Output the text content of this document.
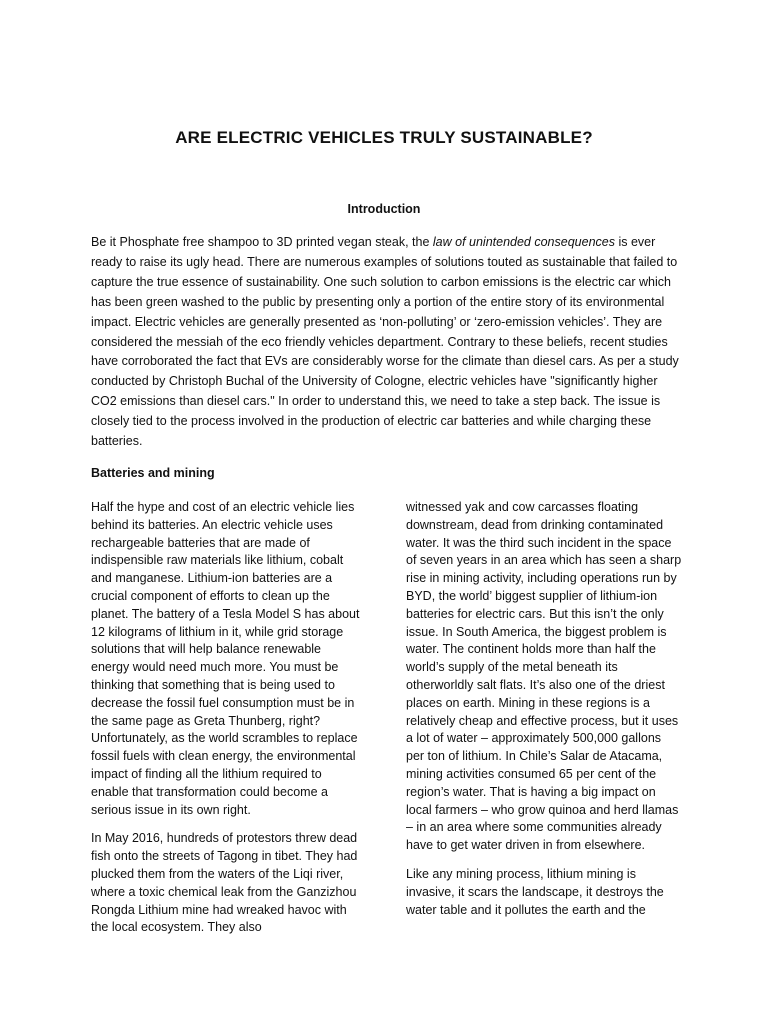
ARE ELECTRIC VEHICLES TRULY SUSTAINABLE?
Introduction

Be it Phosphate free shampoo to 3D printed vegan steak, the law of unintended consequences is ever ready to raise its ugly head. There are numerous examples of solutions touted as sustainable that failed to capture the true essence of sustainability. One such solution to carbon emissions is the electric car which has been green washed to the public by presenting only a portion of the entire story of its environmental impact. Electric vehicles are generally presented as ‘non-polluting’ or ‘zero-emission vehicles’. They are considered the messiah of the eco friendly vehicles department. Contrary to these beliefs, recent studies have corroborated the fact that EVs are considerably worse for the climate than diesel cars. As per a study conducted by Christoph Buchal of the University of Cologne, electric vehicles have "significantly higher CO2 emissions than diesel cars." In order to understand this, we need to take a step back. The issue is closely tied to the process involved in the production of electric car batteries and while charging these batteries.

Batteries and mining

Half the hype and cost of an electric vehicle lies behind its batteries. An electric vehicle uses rechargeable batteries that are made of indispensible raw materials like lithium, cobalt and manganese. Lithium-ion batteries are a crucial component of efforts to clean up the planet. The battery of a Tesla Model S has about 12 kilograms of lithium in it, while grid storage solutions that will help balance renewable energy would need much more. You must be thinking that something that is being used to decrease the fossil fuel consumption must be in the same page as Greta Thunberg, right? Unfortunately, as the world scrambles to replace fossil fuels with clean energy, the environmental impact of finding all the lithium required to enable that transformation could become a serious issue in its own right.

In May 2016, hundreds of protestors threw dead fish onto the streets of Tagong in tibet. They had plucked them from the waters of the Liqi river, where a toxic chemical leak from the Ganzizhou Rongda Lithium mine had wreaked havoc with the local ecosystem. They also

witnessed yak and cow carcasses floating downstream, dead from drinking contaminated water. It was the third such incident in the space of seven years in an area which has seen a sharp rise in mining activity, including operations run by BYD, the world’ biggest supplier of lithium-ion batteries for electric cars. But this isn’t the only issue. In South America, the biggest problem is water. The continent holds more than half the world’s supply of the metal beneath its otherworldly salt flats. It’s also one of the driest places on earth. Mining in these regions is a relatively cheap and effective process, but it uses a lot of water – approximately 500,000 gallons per ton of lithium. In Chile’s Salar de Atacama, mining activities consumed 65 per cent of the region’s water. That is having a big impact on local farmers – who grow quinoa and herd llamas – in an area where some communities already have to get water driven in from elsewhere.

Like any mining process, lithium mining is invasive, it scars the landscape, it destroys the water table and it pollutes the earth and the
